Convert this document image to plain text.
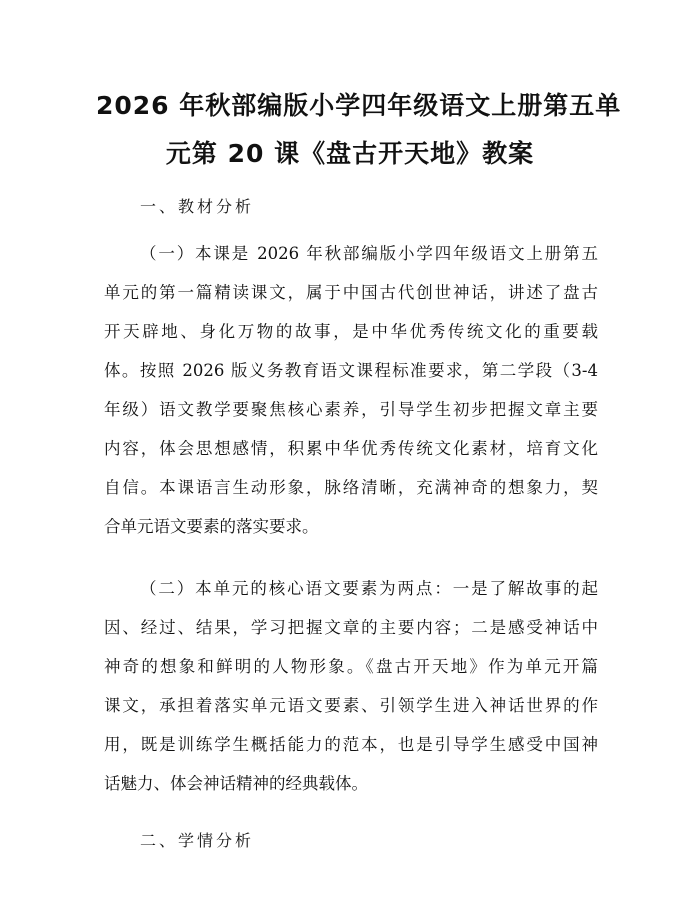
2026 年秋部编版小学四年级语文上册第五单
元第 20 课《盘古开天地》教案
一、教材分析
（一）本课是 2026 年秋部编版小学四年级语文上册第五
单元的第一篇精读课文，属于中国古代创世神话，讲述了盘古
开天辟地、身化万物的故事，是中华优秀传统文化的重要载
体。按照 2026 版义务教育语文课程标准要求，第二学段（3-4
年级）语文教学要聚焦核心素养，引导学生初步把握文章主要
内容，体会思想感情，积累中华优秀传统文化素材，培育文化
自信。本课语言生动形象，脉络清晰，充满神奇的想象力，契
合单元语文要素的落实要求。
（二）本单元的核心语文要素为两点：一是了解故事的起
因、经过、结果，学习把握文章的主要内容；二是感受神话中
神奇的想象和鲜明的人物形象。《盘古开天地》作为单元开篇
课文，承担着落实单元语文要素、引领学生进入神话世界的作
用，既是训练学生概括能力的范本，也是引导学生感受中国神
话魅力、体会神话精神的经典载体。
二、学情分析
